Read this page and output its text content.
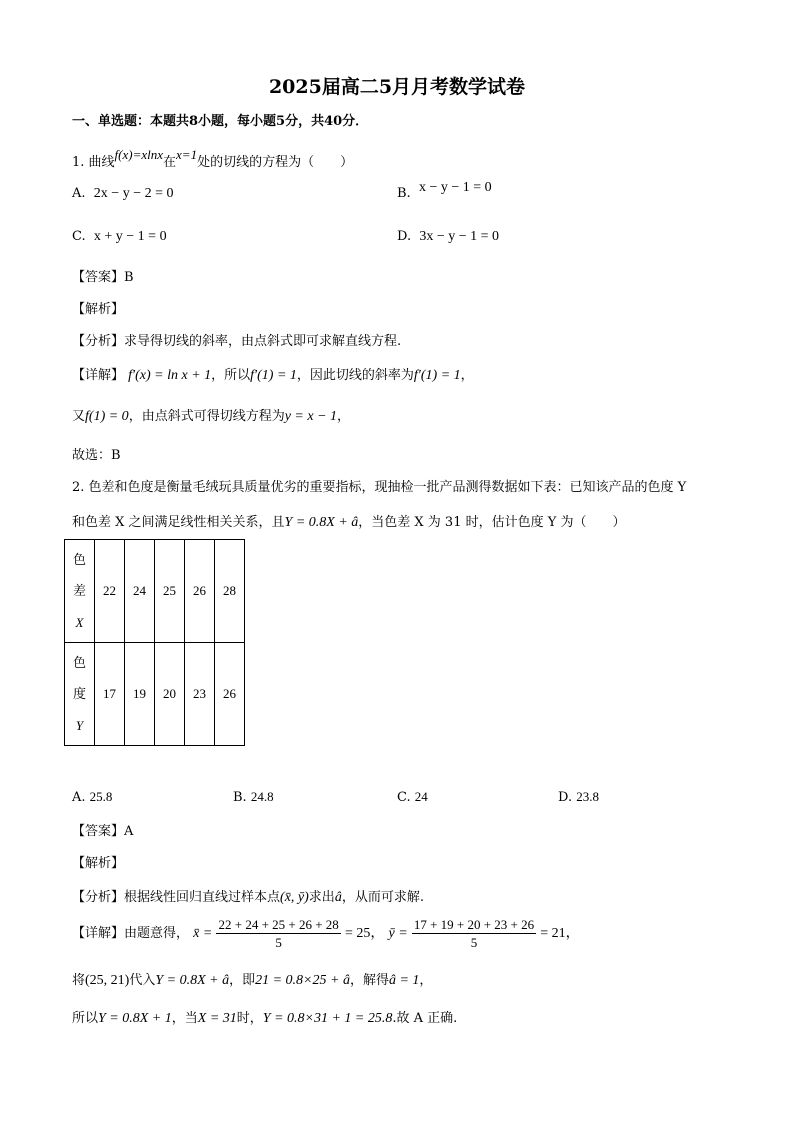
2025届高二5月月考数学试卷
一、单选题：本题共8小题，每小题5分，共40分．
1. 曲线f(x)=xlnx在x=1处的切线的方程为（　　）
A. 2x − y − 2 = 0	B. x − y − 1 = 0
C. x + y − 1 = 0	D. 3x − y − 1 = 0
【答案】B
【解析】
【分析】求导得切线的斜率，由点斜式即可求解直线方程.
【详解】 f′(x) = ln x + 1，所以f′(1) = 1，因此切线的斜率为f′(1) = 1，
又f(1) = 0，由点斜式可得切线方程为y = x − 1，
故选：B
2. 色差和色度是衡量毛绒玩具质量优劣的重要指标，现抽检一批产品测得数据如下表：已知该产品的色度 Y
和色差 X 之间满足线性相关关系，且Y = 0.8X + â，当色差 X 为 31 时，估计色度 Y 为（　　）
色
差
X	22	24	25	26	28

色
度
Y	17	19	20	23	26
A. 25.8	B. 24.8	C. 24	D. 23.8
【答案】A
【解析】
【分析】根据线性回归直线过样本点(x̄, ȳ)求出â，从而可求解.
【详解】由题意得， x̄ = $\frac{22 + 24 + 25 + 26 + 28}{5} = 25$， ȳ = $\frac{17 + 19 + 20 + 23 + 26}{5} = 21$，
将(25, 21)代入Y = 0.8X + â，即21 = 0.8×25 + â，解得â = 1，
所以Y = 0.8X + 1，当X = 31时，Y = 0.8×31 + 1 = 25.8.故 A 正确.
